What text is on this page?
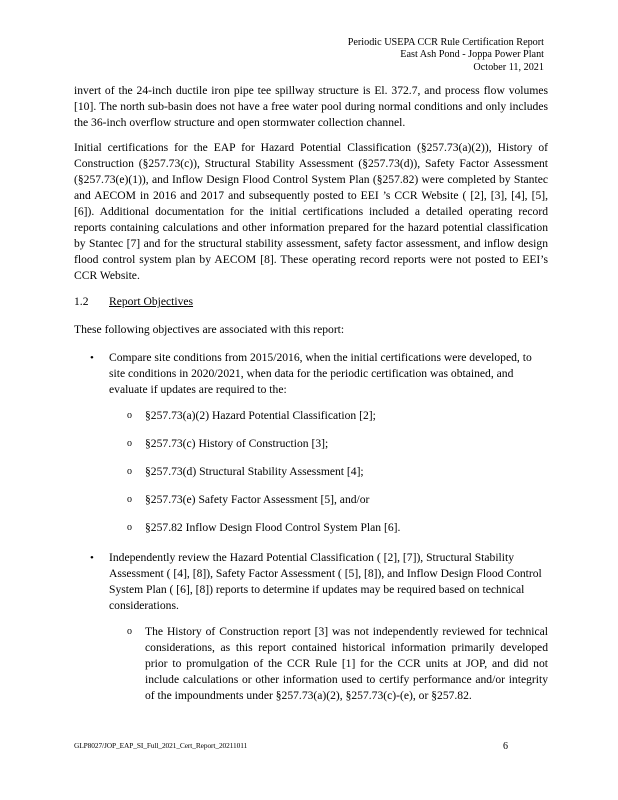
Periodic USEPA CCR Rule Certification Report
East Ash Pond - Joppa Power Plant
October 11, 2021

invert of the 24-inch ductile iron pipe tee spillway structure is El. 372.7, and process flow volumes [10]. The north sub-basin does not have a free water pool during normal conditions and only includes the 36-inch overflow structure and open stormwater collection channel.

Initial certifications for the EAP for Hazard Potential Classification (§257.73(a)(2)), History of Construction (§257.73(c)), Structural Stability Assessment (§257.73(d)), Safety Factor Assessment (§257.73(e)(1)), and Inflow Design Flood Control System Plan (§257.82) were completed by Stantec and AECOM in 2016 and 2017 and subsequently posted to EEI ’s CCR Website ( [2], [3], [4], [5], [6]). Additional documentation for the initial certifications included a detailed operating record reports containing calculations and other information prepared for the hazard potential classification by Stantec [7] and for the structural stability assessment, safety factor assessment, and inflow design flood control system plan by AECOM [8]. These operating record reports were not posted to EEI’s CCR Website.

1.2	Report Objectives
These following objectives are associated with this report:
•	Compare site conditions from 2015/2016, when the initial certifications were developed, to site conditions in 2020/2021, when data for the periodic certification was obtained, and evaluate if updates are required to the:
o	§257.73(a)(2) Hazard Potential Classification [2];
o	§257.73(c) History of Construction [3];
o	§257.73(d) Structural Stability Assessment [4];
o	§257.73(e) Safety Factor Assessment [5], and/or
o	§257.82 Inflow Design Flood Control System Plan [6].
•	Independently review the Hazard Potential Classification ( [2], [7]), Structural Stability Assessment ( [4], [8]), Safety Factor Assessment ( [5], [8]), and Inflow Design Flood Control System Plan ( [6], [8]) reports to determine if updates may be required based on technical considerations.
o	The History of Construction report [3] was not independently reviewed for technical considerations, as this report contained historical information primarily developed prior to promulgation of the CCR Rule [1] for the CCR units at JOP, and did not include calculations or other information used to certify performance and/or integrity of the impoundments under §257.73(a)(2), §257.73(c)-(e), or §257.82.
GLP8027/JOP_EAP_SI_Full_2021_Cert_Report_20211011	6
